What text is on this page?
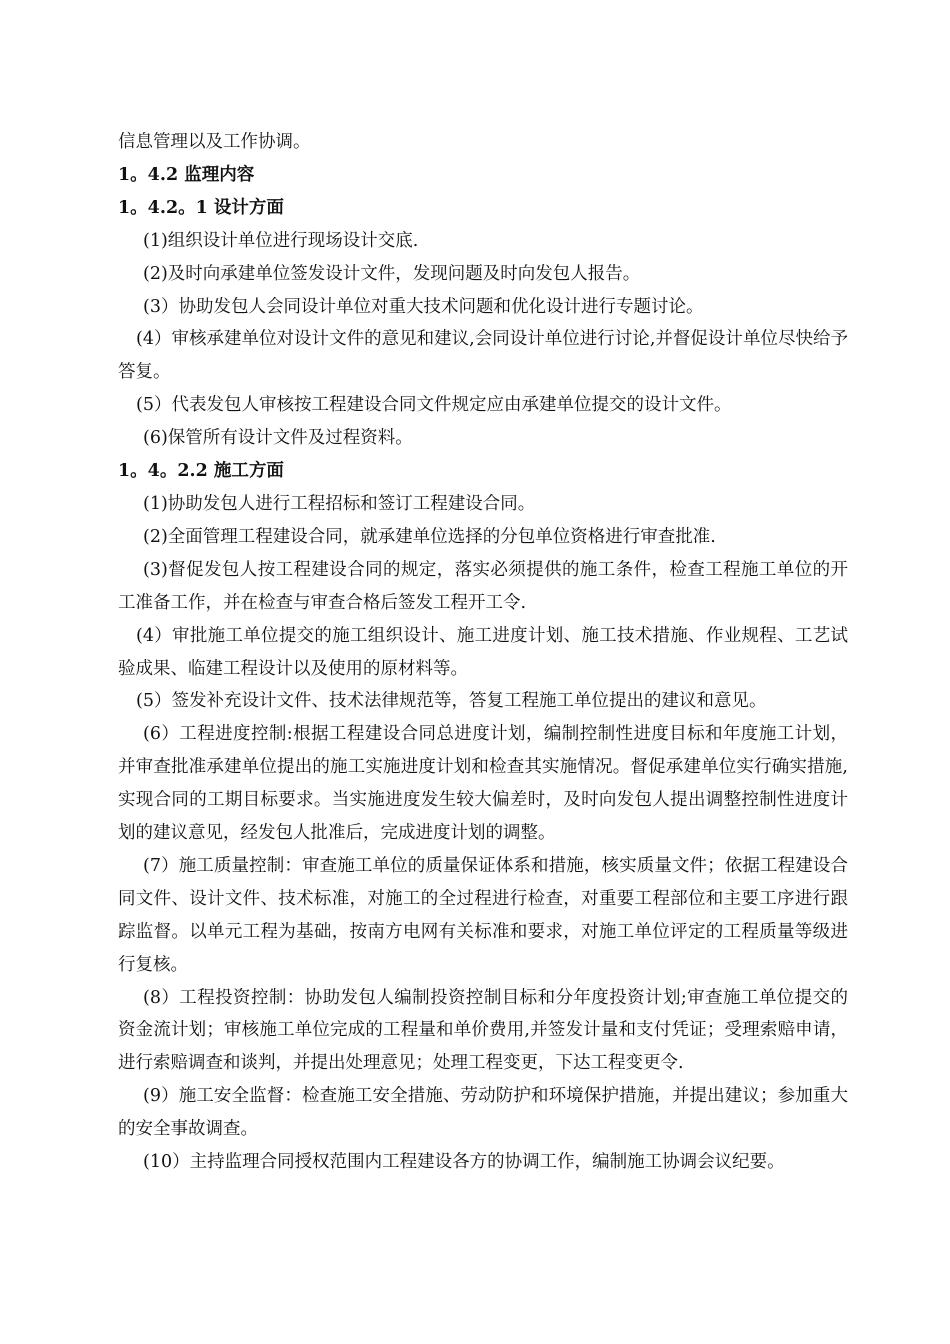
信息管理以及工作协调。

1。4.2 监理内容

1。4.2。1 设计方面

(1)组织设计单位进行现场设计交底.

(2)及时向承建单位签发设计文件，发现问题及时向发包人报告。

(3）协助发包人会同设计单位对重大技术问题和优化设计进行专题讨论。

(4）审核承建单位对设计文件的意见和建议,会同设计单位进行讨论,并督促设计单位尽快给予答复。

(5）代表发包人审核按工程建设合同文件规定应由承建单位提交的设计文件。

(6)保管所有设计文件及过程资料。

1。4。2.2 施工方面

(1)协助发包人进行工程招标和签订工程建设合同。

(2)全面管理工程建设合同，就承建单位选择的分包单位资格进行审查批准.

(3)督促发包人按工程建设合同的规定，落实必须提供的施工条件，检查工程施工单位的开工准备工作，并在检查与审查合格后签发工程开工令.

(4）审批施工单位提交的施工组织设计、施工进度计划、施工技术措施、作业规程、工艺试验成果、临建工程设计以及使用的原材料等。

(5）签发补充设计文件、技术法律规范等，答复工程施工单位提出的建议和意见。

(6）工程进度控制:根据工程建设合同总进度计划，编制控制性进度目标和年度施工计划，并审查批准承建单位提出的施工实施进度计划和检查其实施情况。督促承建单位实行确实措施,实现合同的工期目标要求。当实施进度发生较大偏差时，及时向发包人提出调整控制性进度计划的建议意见，经发包人批准后，完成进度计划的调整。

(7）施工质量控制：审查施工单位的质量保证体系和措施，核实质量文件；依据工程建设合同文件、设计文件、技术标准，对施工的全过程进行检查，对重要工程部位和主要工序进行跟踪监督。以单元工程为基础，按南方电网有关标准和要求，对施工单位评定的工程质量等级进行复核。

(8）工程投资控制：协助发包人编制投资控制目标和分年度投资计划;审查施工单位提交的资金流计划；审核施工单位完成的工程量和单价费用,并签发计量和支付凭证；受理索赔申请，进行索赔调查和谈判，并提出处理意见；处理工程变更，下达工程变更令.

(9）施工安全监督：检查施工安全措施、劳动防护和环境保护措施，并提出建议；参加重大的安全事故调查。

(10）主持监理合同授权范围内工程建设各方的协调工作，编制施工协调会议纪要。
